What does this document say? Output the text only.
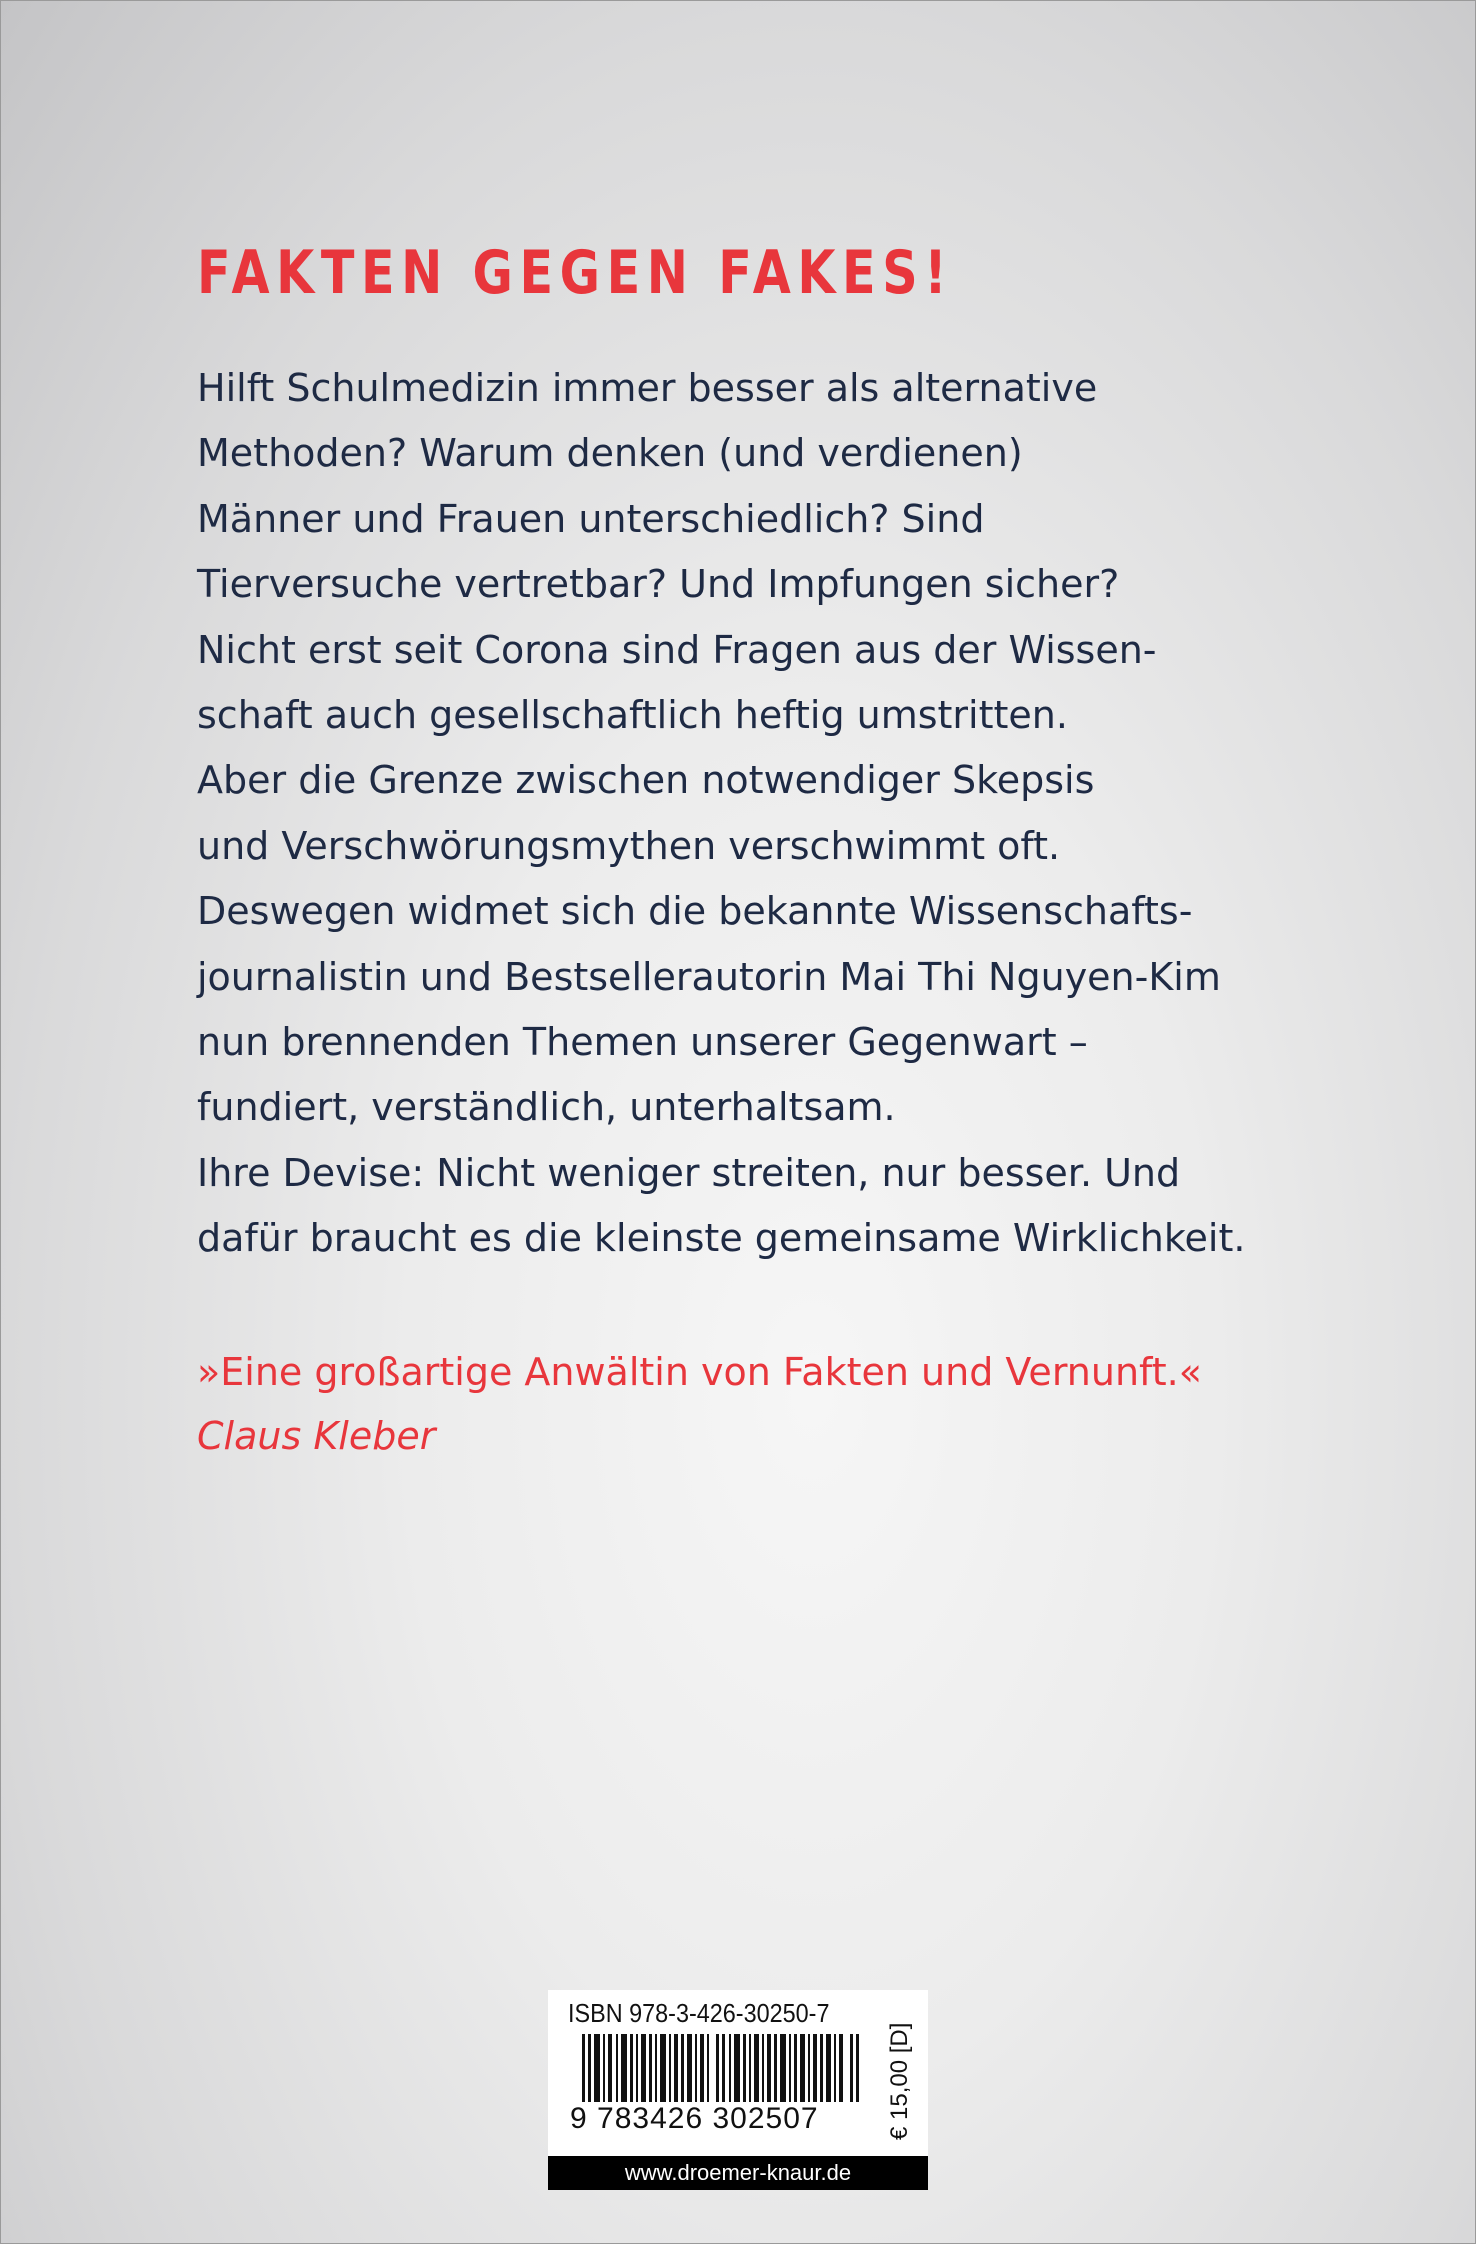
FAKTEN GEGEN FAKES!
Hilft Schulmedizin immer besser als alternative
Methoden? Warum denken (und verdienen)
Männer und Frauen unterschiedlich? Sind
Tierversuche vertretbar? Und Impfungen sicher?
Nicht erst seit Corona sind Fragen aus der Wissen-
schaft auch gesellschaftlich heftig umstritten.
Aber die Grenze zwischen notwendiger Skepsis
und Verschwörungsmythen verschwimmt oft.
Deswegen widmet sich die bekannte Wissenschafts-
journalistin und Bestsellerautorin Mai Thi Nguyen-Kim
nun brennenden Themen unserer Gegenwart –
fundiert, verständlich, unterhaltsam.
Ihre Devise: Nicht weniger streiten, nur besser. Und
dafür braucht es die kleinste gemeinsame Wirklichkeit.

»Eine großartige Anwältin von Fakten und Vernunft.«

Claus Kleber

ISBN 978-3-426-30250-7
9 783426 302507	€ 15,00 [D]
www.droemer-knaur.de
